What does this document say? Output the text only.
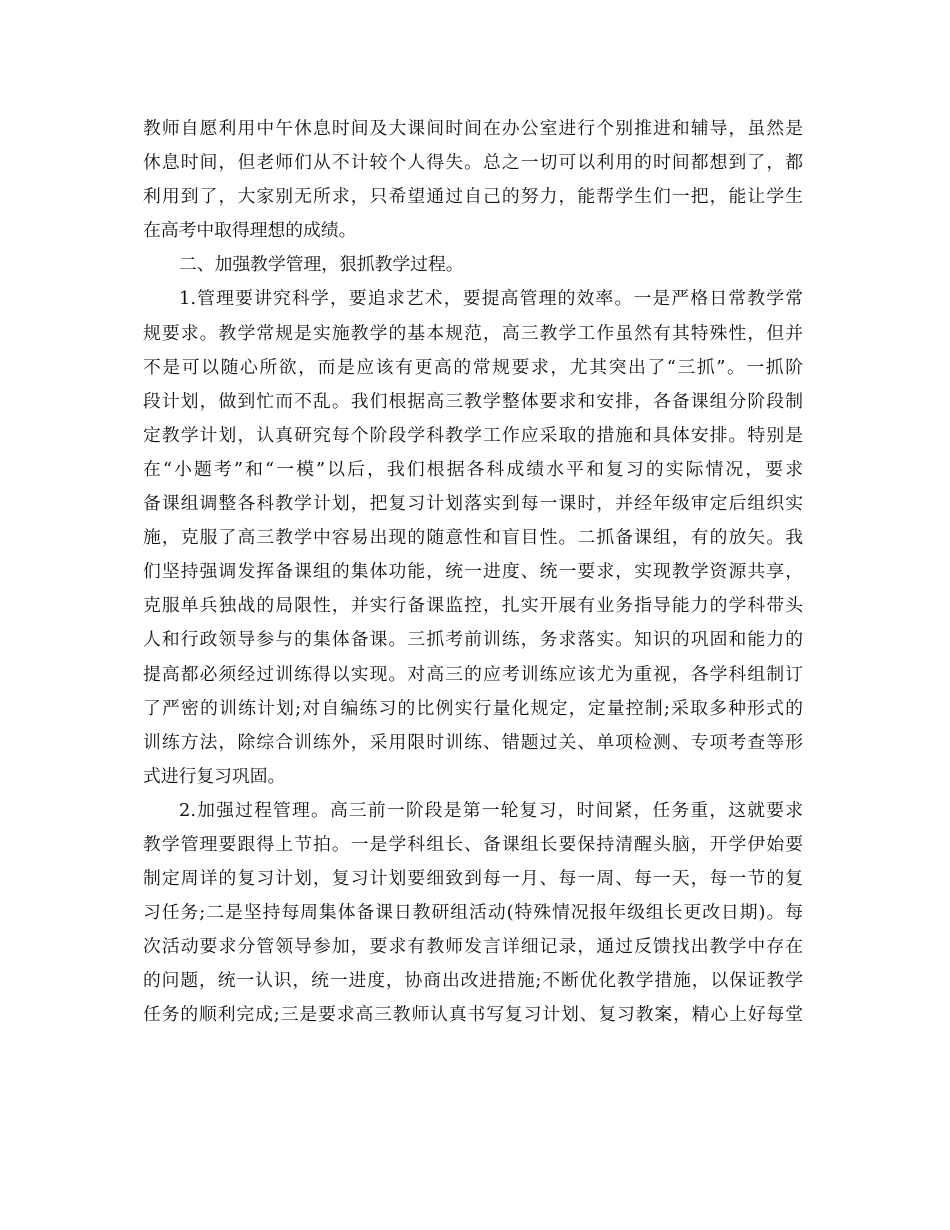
教师自愿利用中午休息时间及大课间时间在办公室进行个别推进和辅导，虽然是
休息时间，但老师们从不计较个人得失。总之一切可以利用的时间都想到了，都
利用到了，大家别无所求，只希望通过自己的努力，能帮学生们一把，能让学生
在高考中取得理想的成绩。
二、加强教学管理，狠抓教学过程。
1.管理要讲究科学，要追求艺术，要提高管理的效率。一是严格日常教学常
规要求。教学常规是实施教学的基本规范，高三教学工作虽然有其特殊性，但并
不是可以随心所欲，而是应该有更高的常规要求，尤其突出了“三抓”。一抓阶
段计划，做到忙而不乱。我们根据高三教学整体要求和安排，各备课组分阶段制
定教学计划，认真研究每个阶段学科教学工作应采取的措施和具体安排。特别是
在“小题考”和“一模”以后，我们根据各科成绩水平和复习的实际情况，要求
备课组调整各科教学计划，把复习计划落实到每一课时，并经年级审定后组织实
施，克服了高三教学中容易出现的随意性和盲目性。二抓备课组，有的放矢。我
们坚持强调发挥备课组的集体功能，统一进度、统一要求，实现教学资源共享，
克服单兵独战的局限性，并实行备课监控，扎实开展有业务指导能力的学科带头
人和行政领导参与的集体备课。三抓考前训练，务求落实。知识的巩固和能力的
提高都必须经过训练得以实现。对高三的应考训练应该尤为重视，各学科组制订
了严密的训练计划;对自编练习的比例实行量化规定，定量控制;采取多种形式的
训练方法，除综合训练外，采用限时训练、错题过关、单项检测、专项考查等形
式进行复习巩固。
2.加强过程管理。高三前一阶段是第一轮复习，时间紧，任务重，这就要求
教学管理要跟得上节拍。一是学科组长、备课组长要保持清醒头脑，开学伊始要
制定周详的复习计划，复习计划要细致到每一月、每一周、每一天，每一节的复
习任务;二是坚持每周集体备课日教研组活动(特殊情况报年级组长更改日期)。每
次活动要求分管领导参加，要求有教师发言详细记录，通过反馈找出教学中存在
的问题，统一认识，统一进度，协商出改进措施;不断优化教学措施，以保证教学
任务的顺利完成;三是要求高三教师认真书写复习计划、复习教案，精心上好每堂
